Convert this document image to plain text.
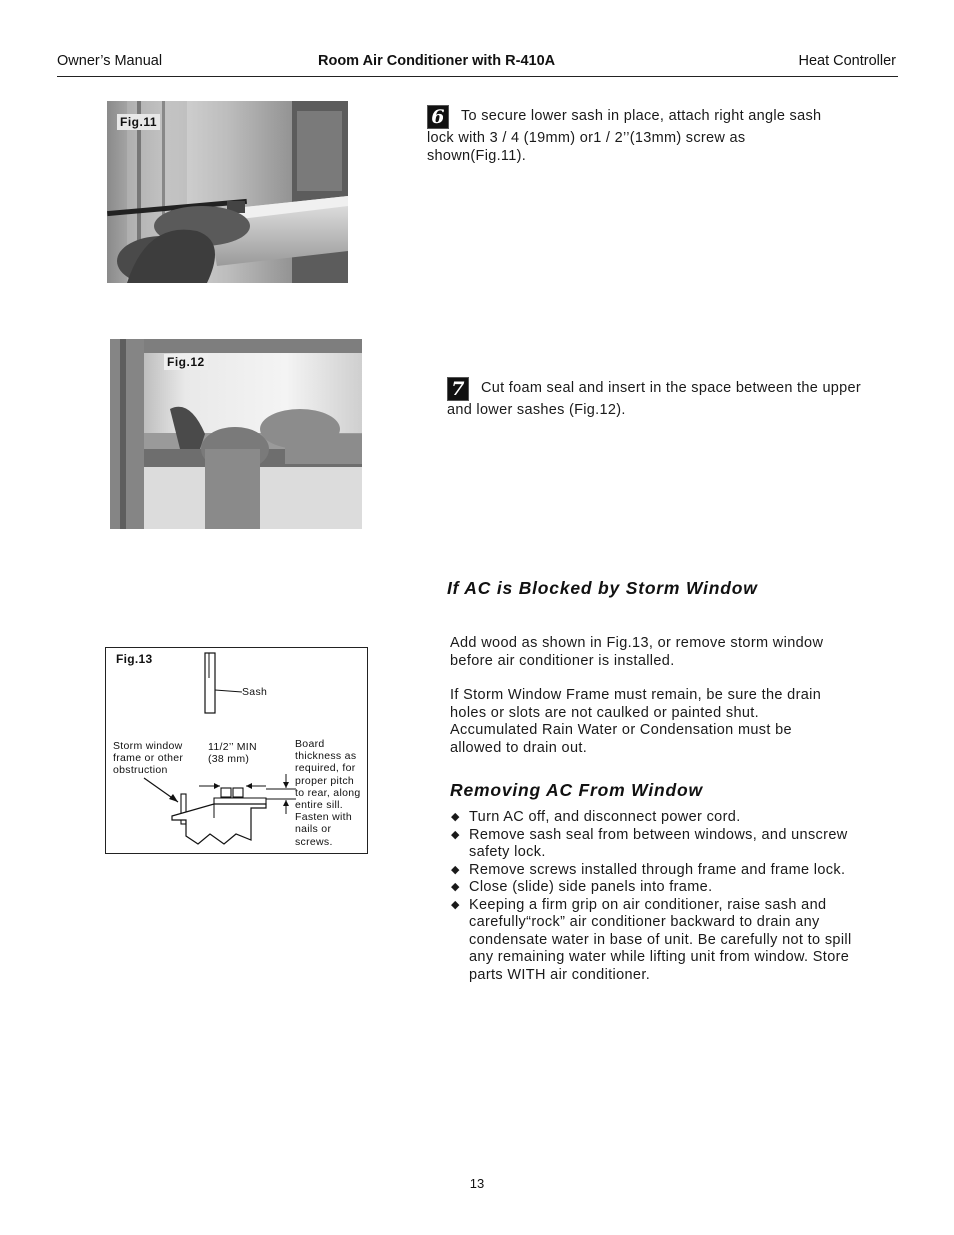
Owner’s Manual	Room Air Conditioner with R-410A	Heat Controller
Fig.11	6 To secure lower sash in place, attach right angle sash lock with 3 / 4 (19mm) or1 / 2’’(13mm) screw as shown(Fig.11).
Fig.12
7 Cut foam seal and insert in the space between the upper and lower sashes (Fig.12).
If AC is Blocked by Storm Window
Add wood as shown in Fig.13, or remove storm window before air conditioner is installed.
If Storm Window Frame must remain, be sure the drain holes or slots are not caulked or painted shut. Accumulated Rain Water or Condensation must be allowed to drain out.
Fig.13
Sash
Storm window frame or other obstruction
11/2’’ MIN
(38 mm)
Board thickness as required, for proper pitch to rear, along entire sill. Fasten with nails or screws.
Removing AC From Window
◆ Turn AC off, and disconnect power cord.
◆ Remove sash seal from between windows, and unscrew safety lock.
◆ Remove screws installed through frame and frame lock.
◆ Close (slide) side panels into frame.
◆ Keeping a firm grip on air conditioner, raise sash and carefully“rock” air conditioner backward to drain any condensate water in base of unit. Be carefully not to spill any remaining water while lifting unit from window. Store parts WITH air conditioner.
13
